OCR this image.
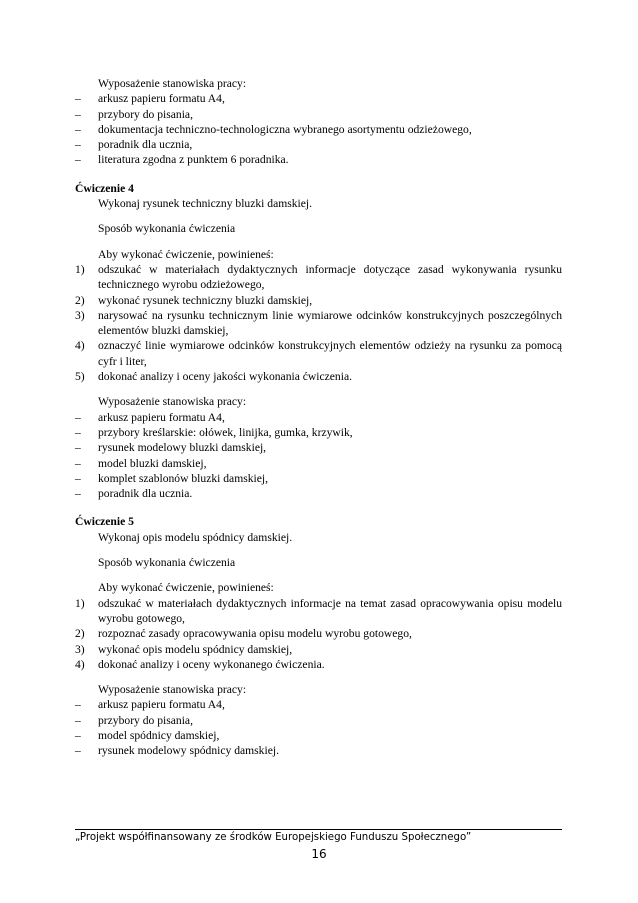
Wyposażenie stanowiska pracy:
–	arkusz papieru formatu A4,
–	przybory do pisania,
–	dokumentacja techniczno-technologiczna wybranego asortymentu odzieżowego,
–	poradnik dla ucznia,
–	literatura zgodna z punktem 6 poradnika.
Ćwiczenie 4
Wykonaj rysunek techniczny bluzki damskiej.
Sposób wykonania ćwiczenia
Aby wykonać ćwiczenie, powinieneś:
1)	odszukać w materiałach dydaktycznych informacje dotyczące zasad wykonywania rysunku technicznego wyrobu odzieżowego,
2)	wykonać rysunek techniczny bluzki damskiej,
3)	narysować na rysunku technicznym linie wymiarowe odcinków konstrukcyjnych poszczególnych elementów bluzki damskiej,
4)	oznaczyć linie wymiarowe odcinków konstrukcyjnych elementów odzieży na rysunku za pomocą cyfr i liter,
5)	dokonać analizy i oceny jakości wykonania ćwiczenia.
Wyposażenie stanowiska pracy:
–	arkusz papieru formatu A4,
–	przybory kreślarskie: ołówek, linijka, gumka, krzywik,
–	rysunek modelowy bluzki damskiej,
–	model bluzki damskiej,
–	komplet szablonów bluzki damskiej,
–	poradnik dla ucznia.
Ćwiczenie 5
Wykonaj opis modelu spódnicy damskiej.
Sposób wykonania ćwiczenia
Aby wykonać ćwiczenie, powinieneś:
1)	odszukać w materiałach dydaktycznych informacje na temat zasad opracowywania opisu modelu wyrobu gotowego,
2)	rozpoznać zasady opracowywania opisu modelu wyrobu gotowego,
3)	wykonać opis modelu spódnicy damskiej,
4)	dokonać analizy i oceny wykonanego ćwiczenia.
Wyposażenie stanowiska pracy:
–	arkusz papieru formatu A4,
–	przybory do pisania,
–	model spódnicy damskiej,
–	rysunek modelowy spódnicy damskiej.
„Projekt współfinansowany ze środków Europejskiego Funduszu Społecznego”
16
